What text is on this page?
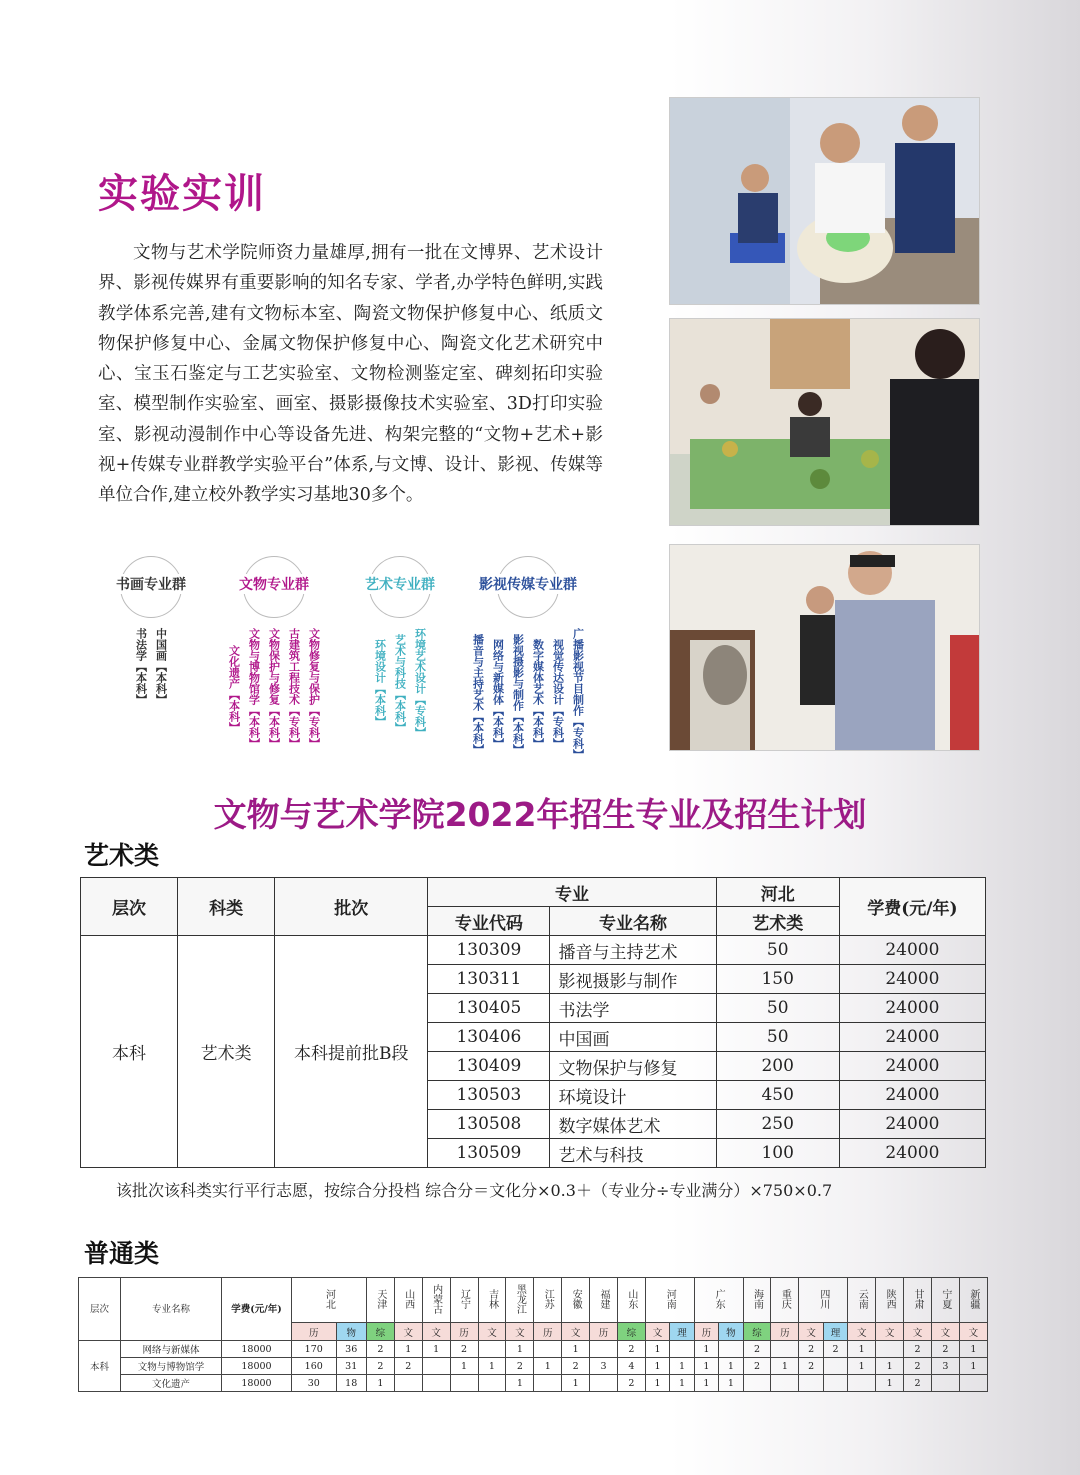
实验实训

文物与艺术学院师资力量雄厚,拥有一批在文博界、艺术设计界、影视传媒界有重要影响的知名专家、学者,办学特色鲜明,实践教学体系完善,建有文物标本室、陶瓷文物保护修复中心、纸质文物保护修复中心、金属文物保护修复中心、陶瓷文化艺术研究中心、宝玉石鉴定与工艺实验室、文物检测鉴定室、碑刻拓印实验室、模型制作实验室、画室、摄影摄像技术实验室、3D打印实验室、影视动漫制作中心等设备先进、构架完整的“文物+艺术+影视+传媒专业群教学实验平台”体系,与文博、设计、影视、传媒等单位合作,建立校外教学实习基地30多个。

书画专业群
书法学【本科】 中国画【本科】
文物专业群
文化遗产【本科】 文物与博物馆学【本科】 文物保护与修复【本科】 古建筑工程技术【专科】 文物修复与保护【专科】
艺术专业群
环境设计【本科】 艺术与科技【本科】 环境艺术设计【专科】
影视传媒专业群
播音与主持艺术【本科】 网络与新媒体【本科】 影视摄影与制作【本科】 数字媒体艺术【本科】 视觉传达设计【专科】 广播影视节目制作【专科】
文物与艺术学院2022年招生专业及招生计划
艺术类
层次	科类	批次	专业		河北	学费(元/年)
			专业代码	专业名称	艺术类	
本科	艺术类	本科提前批B段	130309	播音与主持艺术	50	24000
			130311	影视摄影与制作	150	24000
			130405	书法学	50	24000
			130406	中国画	50	24000
			130409	文物保护与修复	200	24000
			130503	环境设计	450	24000
			130508	数字媒体艺术	250	24000
			130509	艺术与科技	100	24000
该批次该科类实行平行志愿，按综合分投档 综合分＝文化分×0.3＋（专业分÷专业满分）×750×0.7
普通类
层次	专业名称	学费(元/年)	河北		天津	山西	内蒙古	辽宁	吉林	黑龙江	江苏	安徽	福建	山东	河南		广东		海南	重庆	四川		云南	陕西	甘肃	宁夏	新疆
			历	物	综	文	文	历	文	文	历	文	历	综	文	理	历	物	综	历	文	理	文	文	文	文	文
本科	网络与新媒体	18000	170	36	2	1	1	2		1		1		2	1		1		2		2	2	1		2	2	1
	文物与博物馆学	18000	160	31	2	2		1	1	2	1	2	3	4	1	1	1	1	2	1	2		1	1	2	3	1
	文化遗产	18000	30	18	1					1		1		2	1	1	1	1						1	2		
